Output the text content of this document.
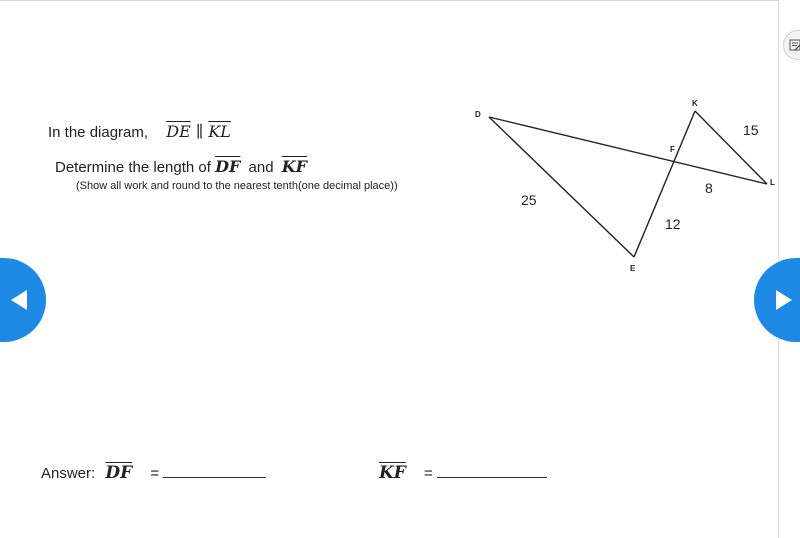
In the diagram, $\overline{DE}$ ∥ $\overline{KL}$
Determine the length of $\overline{DF}$ and $\overline{KF}$
(Show all work and round to the nearest tenth(one decimal place))
D
K
F
L
E
25
12
15
8
Answer: $\overline{DF}$ =	$\overline{KF}$ =
